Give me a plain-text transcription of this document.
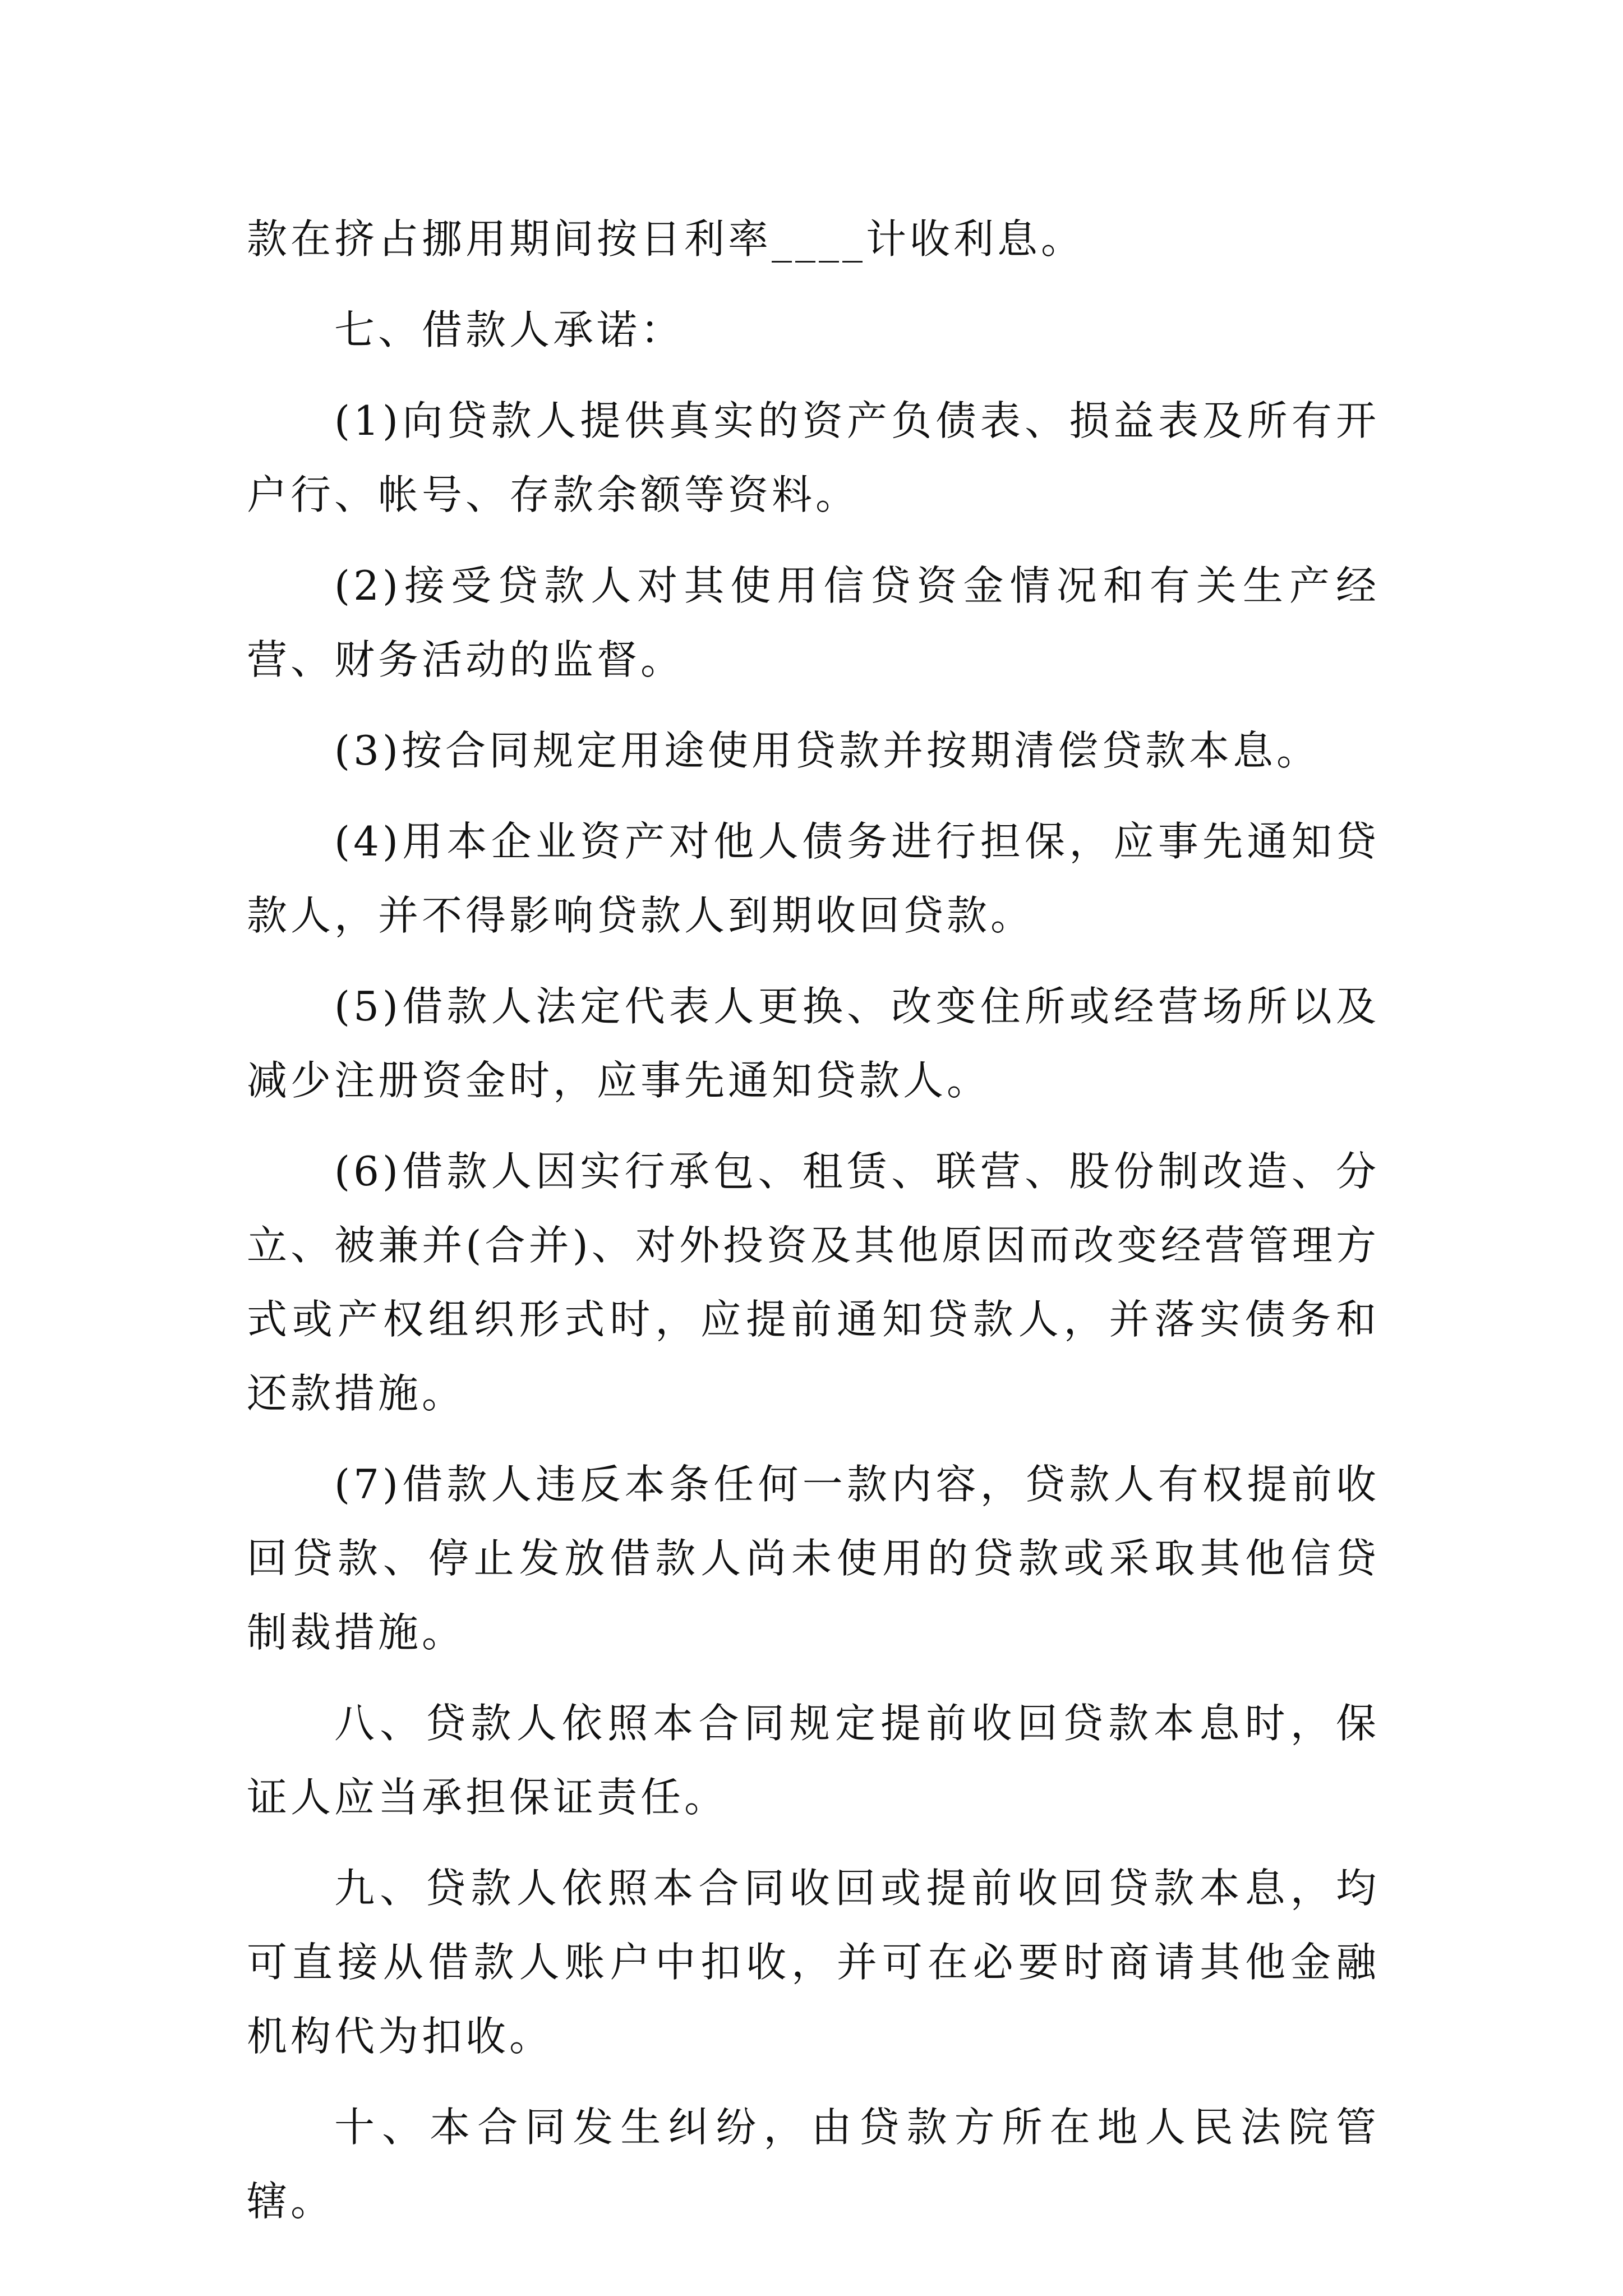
款在挤占挪用期间按日利率____计收利息。

七、借款人承诺：

(1)向贷款人提供真实的资产负债表、损益表及所有开户行、帐号、存款余额等资料。

(2)接受贷款人对其使用信贷资金情况和有关生产经营、财务活动的监督。

(3)按合同规定用途使用贷款并按期清偿贷款本息。

(4)用本企业资产对他人债务进行担保，应事先通知贷款人，并不得影响贷款人到期收回贷款。

(5)借款人法定代表人更换、改变住所或经营场所以及减少注册资金时，应事先通知贷款人。

(6)借款人因实行承包、租赁、联营、股份制改造、分立、被兼并(合并)、对外投资及其他原因而改变经营管理方式或产权组织形式时，应提前通知贷款人，并落实债务和还款措施。

(7)借款人违反本条任何一款内容，贷款人有权提前收回贷款、停止发放借款人尚未使用的贷款或采取其他信贷制裁措施。

八、贷款人依照本合同规定提前收回贷款本息时，保证人应当承担保证责任。

九、贷款人依照本合同收回或提前收回贷款本息，均可直接从借款人账户中扣收，并可在必要时商请其他金融机构代为扣收。

十、本合同发生纠纷，由贷款方所在地人民法院管辖。
